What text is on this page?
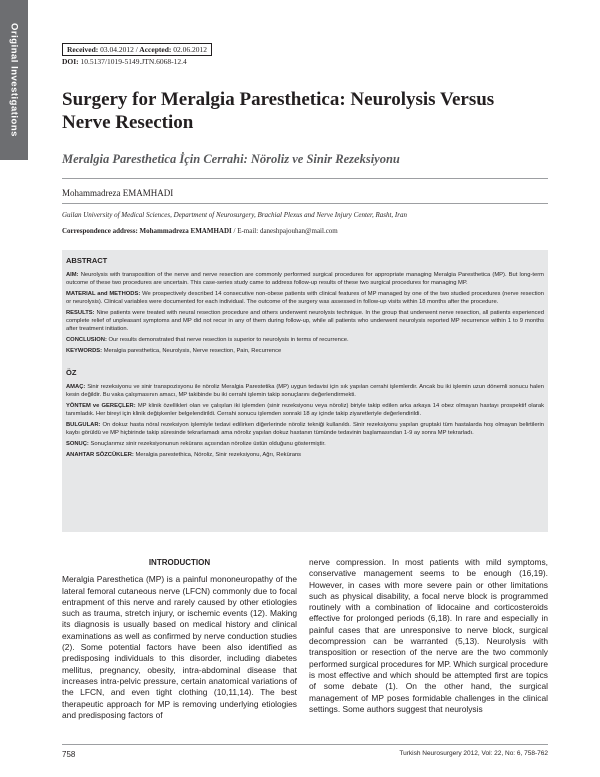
Original Investigations	Received: 03.04.2012 / Accepted: 02.06.2012
DOI: 10.5137/1019-5149.JTN.6068-12.4
Surgery for Meralgia Paresthetica: Neurolysis Versus Nerve Resection
Meralgia Paresthetica İçin Cerrahi: Nöroliz ve Sinir Rezeksiyonu
Mohammadreza EMAMHADI
Guilan University of Medical Sciences, Department of Neurosurgery, Brachial Plexus and Nerve Injury Center, Rasht, Iran
Correspondence address: Mohammadreza EMAMHADI / E-mail: daneshpajouhan@mail.com
ABSTRACT

AIM: Neurolysis with transposition of the nerve and nerve resection are commonly performed surgical procedures for appropriate managing Meralgia Paresthetica (MP). But long-term outcome of these two procedures are uncertain. This case-series study came to address follow-up results of these two surgical procedures for managing MP.

MATERIAL and METHODS: We prospectively described 14 consecutive non-obese patients with clinical features of MP managed by one of the two studied procedures (nerve resection or neurolysis). Clinical variables were documented for each individual. The outcome of the surgery was assessed in follow-up visits within 18 months after the procedure.

RESULTS: Nine patients were treated with neural resection procedure and others underwent neurolysis technique. In the group that underwent nerve resection, all patients experienced complete relief of unpleasant symptoms and MP did not recur in any of them during follow-up, while all patients who underwent neurolysis reported MP recurrence within 1 to 9 months after treatment initiation.

CONCLUSION: Our results demonstrated that nerve resection is superior to neurolysis in terms of recurrence.

KEYWORDS: Meralgia paresthetica, Neurolysis, Nerve resection, Pain, Recurrence

ÖZ

AMAÇ: Sinir rezeksiyonu ve sinir transpozisyonu ile nöroliz Meralgia Parestetika (MP) uygun tedavisi için sık yapılan cerrahi işlemlerdir. Ancak bu iki işlemin uzun dönemli sonucu halen kesin değildir. Bu vaka çalışmasının amacı, MP takibinde bu iki cerrahi işlemin takip sonuçlarını değerlendirmekti.

YÖNTEM ve GEREÇLER: MP klinik özellikleri olan ve çalışılan iki işlemden (sinir rezeksiyonu veya nöroliz) biriyle takip edilen arka arkaya 14 obez olmayan hastayı prospektif olarak tanımladık. Her bireyi için klinik değişkenler belgelendirildi. Cerrahi sonucu işlemden sonraki 18 ay içinde takip ziyaretleriyle değerlendirildi.

BULGULAR: On dokuz hasta nöral rezeksiyon işlemiyle tedavi edilirken diğerlerinde nöroliz tekniği kullanıldı. Sinir rezeksiyonu yapılan gruptaki tüm hastalarda hoş olmayan belirtilerin kaybı görüldü ve MP hiçbirinde takip süresinde tekrarlamadı ama nöroliz yapılan dokuz hastanın tümünde tedavinin başlamasından 1-9 ay sonra MP tekrarladı.

SONUÇ: Sonuçlarımız sinir rezeksiyonunun rekürans açısından nörolize üstün olduğunu göstermiştir.

ANAHTAR SÖZCÜKLER: Meralgia parestethica, Nöroliz, Sinir rezeksiyonu, Ağrı, Rekürans

INTRODUCTION

Meralgia Paresthetica (MP) is a painful mononeuropathy of the lateral femoral cutaneous nerve (LFCN) commonly due to focal entrapment of this nerve and rarely caused by other etiologies such as trauma, stretch injury, or ischemic events (12). Making its diagnosis is usually based on medical history and clinical examinations as well as confirmed by nerve conduction studies (2). Some potential factors have been also identified as predisposing individuals to this disorder, including diabetes mellitus, pregnancy, obesity, intra-abdominal disease that increases intra-pelvic pressure, certain anatomical variations of the LFCN, and even tight clothing (10,11,14). The best therapeutic approach for MP is removing underlying etiologies and predisposing factors of

nerve compression. In most patients with mild symptoms, conservative management seems to be enough (16,19). However, in cases with more severe pain or other limitations such as physical disability, a focal nerve block is programmed routinely with a combination of lidocaine and corticosteroids effective for prolonged periods (6,18). In rare and especially in painful cases that are unresponsive to nerve block, surgical decompression can be warranted (5,13). Neurolysis with transposition or resection of the nerve are the two commonly performed surgical procedures for MP. Which surgical procedure is most effective and which should be attempted first are topics of some debate (1). On the other hand, the surgical management of MP poses formidable challenges in the clinical settings. Some authors suggest that neurolysis

758	Turkish Neurosurgery 2012, Vol: 22, No: 6, 758-762
